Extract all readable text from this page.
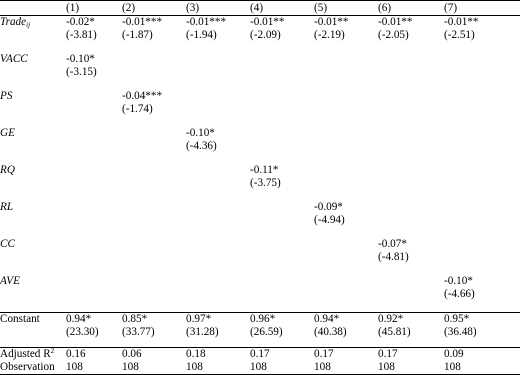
	(1)	(2)	(3)	(4)	(5)	(6)	(7)
Trade$_{ij}$	-0.02*	-0.01***	-0.01***	-0.01**	-0.01**	-0.01**	-0.01**
	(-3.81)	(-1.87)	(-1.94)	(-2.09)	(-2.19)	(-2.05)	(-2.51)

VACC	-0.10*						
	(-3.15)						

PS		-0.04***					
		(-1.74)					

GE			-0.10*				
			(-4.36)				

RQ				-0.11*			
				(-3.75)			

RL					-0.09*		
					(-4.94)		

CC						-0.07*	
						(-4.81)	

AVE							-0.10*
							(-4.66)

Constant	0.94*	0.85*	0.97*	0.96*	0.94*	0.92*	0.95*
	(23.30)	(33.77)	(31.28)	(26.59)	(40.38)	(45.81)	(36.48)

Adjusted $R^2$	0.16	0.06	0.18	0.17	0.17	0.17	0.09
Observation	108	108	108	108	108	108	108
